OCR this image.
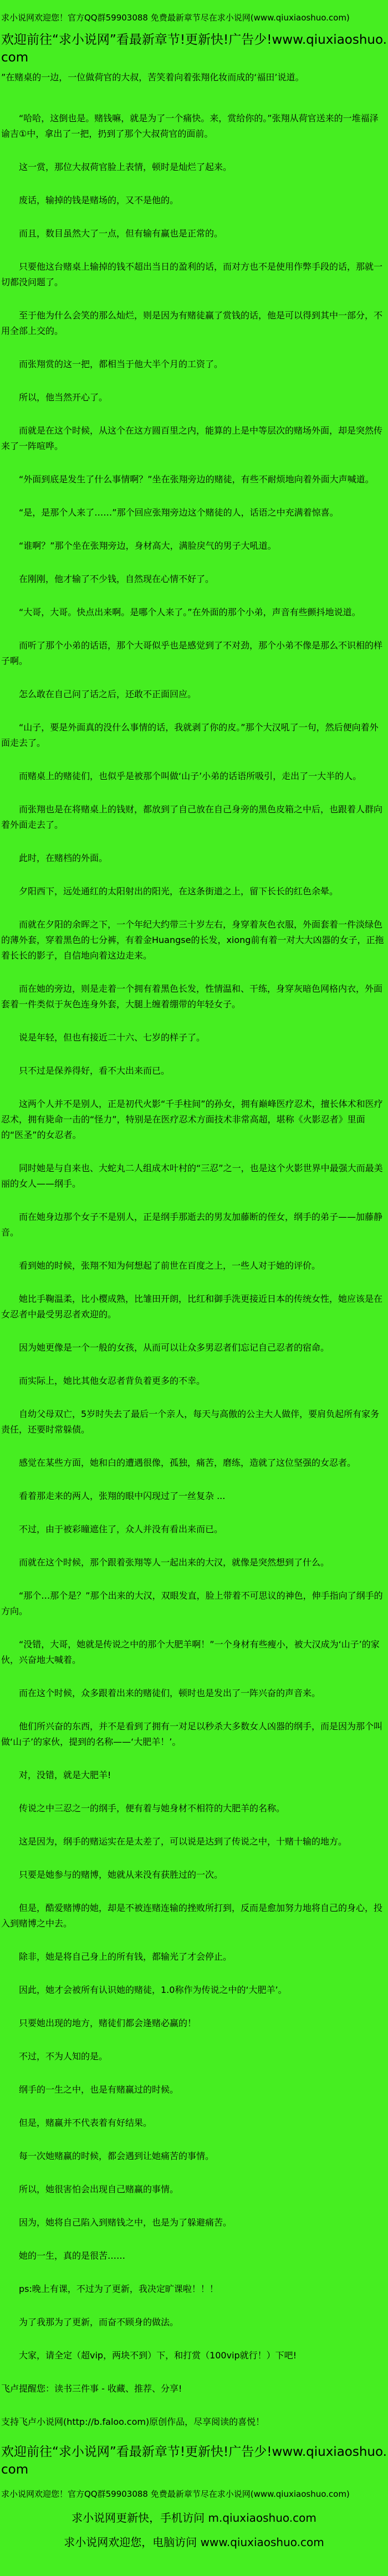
求小说网欢迎您！官方QQ群59903088 免费最新章节尽在求小说网(www.qiuxiaoshuo.com)

欢迎前往“求小说网”看最新章节!更新快!广告少!www.qiuxiaoshuo.com

”在赌桌的一边，一位做荷官的大叔，苦笑着向着张翔化妆而成的‘福田’说道。

“哈哈，这倒也是。赌钱嘛，就是为了一个痛快。来，赏给你的。”张翔从荷官送来的一堆福泽谕吉①中，拿出了一把，扔到了那个大叔荷官的面前。

这一赏，那位大叔荷官脸上表情，顿时是灿烂了起来。

废话，输掉的钱是赌场的，又不是他的。

而且，数目虽然大了一点，但有输有赢也是正常的。

只要他这台赌桌上输掉的钱不超出当日的盈利的话，而对方也不是使用作弊手段的话，那就一切都没问题了。

至于他为什么会笑的那么灿烂，则是因为有赌徒赢了赏钱的话，他是可以得到其中一部分，不用全部上交的。

而张翔赏的这一把，都相当于他大半个月的工资了。

所以，他当然开心了。

而就是在这个时候，从这个在这方圆百里之内，能算的上是中等层次的赌场外面，却是突然传来了一阵喧哗。

“外面到底是发生了什么事情啊？”坐在张翔旁边的赌徒，有些不耐烦地向着外面大声喊道。

“是，是那个人来了……”那个回应张翔旁边这个赌徒的人，话语之中充满着惊喜。

“谁啊？”那个坐在张翔旁边，身材高大，满脸戾气的男子大吼道。

在刚刚，他才输了不少钱，自然现在心情不好了。

“大哥，大哥。快点出来啊。是哪个人来了。”在外面的那个小弟，声音有些颤抖地说道。

而听了那个小弟的话语，那个大哥似乎也是感觉到了不对劲，那个小弟不像是那么不识相的样子啊。

怎么敢在自己问了话之后，还敢不正面回应。

“山子，要是外面真的没什么事情的话，我就剥了你的皮。”那个大汉吼了一句，然后便向着外面走去了。

而赌桌上的赌徒们，也似乎是被那个叫做‘山子’小弟的话语所吸引，走出了一大半的人。

而张翔也是在将赌桌上的钱财，都放到了自己放在自己身旁的黑色皮箱之中后，也跟着人群向着外面走去了。

此时，在赌档的外面。

夕阳西下，远处通红的太阳射出的阳光，在这条街道之上，留下长长的红色余晕。

而就在夕阳的余晖之下，一个年纪大约带三十岁左右，身穿着灰色衣服，外面套着一件淡绿色的薄外套，穿着黑色的七分裤，有着金Huangse的长发，xiong前有着一对大大凶器的女子，正拖着长长的影子，自信地向着这边走来。

而在她的旁边，则是走着一个拥有着黑色长发，性情温和、干练，身穿灰暗色网格内衣，外面套着一件类似于灰色连身外套，大腿上缠着绷带的年轻女子。

说是年轻，但也有接近二十六、七岁的样子了。

只不过是保养得好，看不大出来而已。

这两个人并不是别人，正是初代火影“千手柱间”的孙女，拥有巅峰医疗忍术，擅长体术和医疗忍术，拥有毙命一击的“怪力”，特别是在医疗忍术方面技术非常高超，堪称《火影忍者》里面的“医圣”的女忍者。

同时她是与自来也、大蛇丸二人组成木叶村的“三忍”之一，也是这个火影世界中最强大而最美丽的女人——纲手。

而在她身边那个女子不是别人，正是纲手那逝去的男友加藤断的侄女，纲手的弟子——加藤静音。

看到她的时候，张翔不知为何想起了前世在百度之上，一些人对于她的评价。

她比手鞠温柔，比小樱成熟，比雏田开朗，比红和御手洗更接近日本的传统女性，她应该是在女忍者中最受男忍者欢迎的。

因为她更像是一个一般的女孩，从而可以让众多男忍者们忘记自己忍者的宿命。

而实际上，她比其他女忍者背负着更多的不幸。

自幼父母双亡，5岁时失去了最后一个亲人，每天与高傲的公主大人做伴，要肩负起所有家务责任，还要时常躲债。

感觉在某些方面，她和白的遭遇很像，孤独，痛苦，磨练，造就了这位坚强的女忍者。

看着那走来的两人，张翔的眼中闪现过了一丝复杂 ...

不过，由于被彩瞳遮住了，众人并没有看出来而已。

而就在这个时候，那个跟着张翔等人一起出来的大汉，就像是突然想到了什么。

“那个…那个是？”那个出来的大汉，双眼发直，脸上带着不可思议的神色，伸手指向了纲手的方向。

“没错，大哥，她就是传说之中的那个大肥羊啊！”一个身材有些瘦小，被大汉成为‘山子’的家伙，兴奋地大喊着。

而在这个时候，众多跟着出来的赌徒们，顿时也是发出了一阵兴奋的声音来。

他们所兴奋的东西，并不是看到了拥有一对足以秒杀大多数女人凶器的纲手，而是因为那个叫做‘山子’的家伙，提到的名称——‘大肥羊！’。

对，没错，就是大肥羊!

传说之中三忍之一的纲手，便有着与她身材不相符的大肥羊的名称。

这是因为，纲手的赌运实在是太差了，可以说是达到了传说之中，十赌十输的地方。

只要是她参与的赌博，她就从来没有获胜过的一次。

但是，酷爱赌博的她，却是不被连赌连输的挫败所打到，反而是愈加努力地将自己的身心，投入到赌博之中去。

除非，她是将自己身上的所有钱，都输光了才会停止。

因此，她才会被所有认识她的赌徒，1.0称作为传说之中的‘大肥羊’。

只要她出现的地方，赌徒们都会逢赌必赢的！

不过，不为人知的是。

纲手的一生之中，也是有赌赢过的时候。

但是，赌赢并不代表着有好结果。

每一次她赌赢的时候，都会遇到让她痛苦的事情。

所以，她很害怕会出现自己赌赢的事情。

因为，她将自己陷入到赌钱之中，也是为了躲避痛苦。

她的一生，真的是很苦……

ps:晚上有课，不过为了更新，我决定旷课啦！！！

为了我那为了更新，而奋不顾身的做法。

大家，请全定（超vip，两块不到）下，和打赏（100vip就行！）下吧!

飞卢提醒您：读书三件事 - 收藏、推荐、分享!

支持飞卢小说网(http://b.faloo.com)原创作品，尽享阅读的喜悦！

欢迎前往“求小说网”看最新章节!更新快!广告少!www.qiuxiaoshuo.com

求小说网欢迎您！官方QQ群59903088 免费最新章节尽在求小说网(www.qiuxiaoshuo.com)

求小说网更新快，手机访问 m.qiuxiaoshuo.com

求小说网欢迎您，电脑访问 www.qiuxiaoshuo.com
